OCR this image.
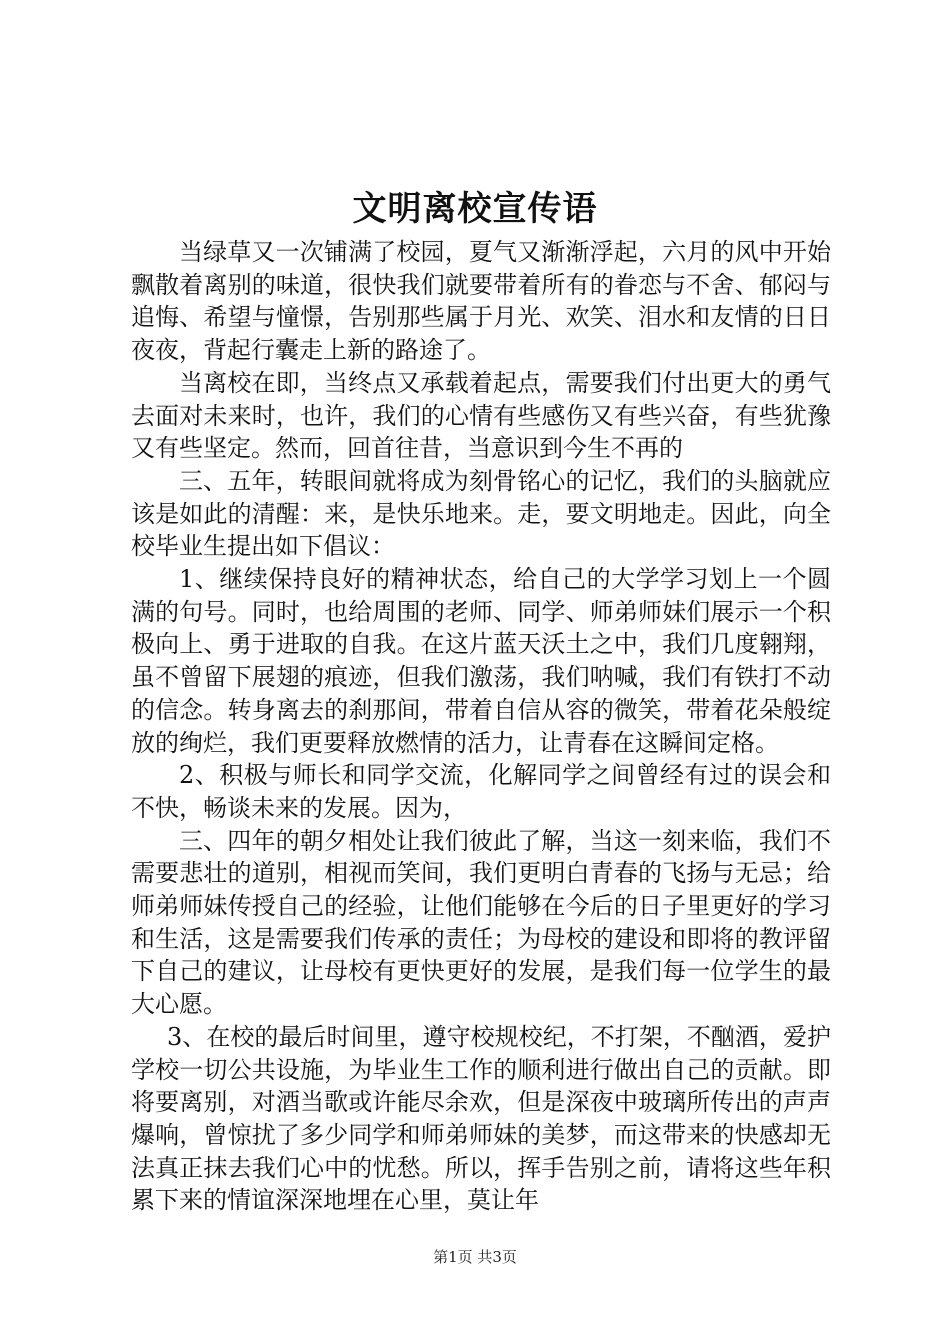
文明离校宣传语

当绿草又一次铺满了校园，夏气又渐渐浮起，六月的风中开始飘散着离别的味道，很快我们就要带着所有的眷恋与不舍、郁闷与追悔、希望与憧憬，告别那些属于月光、欢笑、泪水和友情的日日夜夜，背起行囊走上新的路途了。

当离校在即，当终点又承载着起点，需要我们付出更大的勇气去面对未来时，也许，我们的心情有些感伤又有些兴奋，有些犹豫又有些坚定。然而，回首往昔，当意识到今生不再的

三、五年，转眼间就将成为刻骨铭心的记忆，我们的头脑就应该是如此的清醒：来，是快乐地来。走，要文明地走。因此，向全校毕业生提出如下倡议：

1、继续保持良好的精神状态，给自己的大学学习划上一个圆满的句号。同时，也给周围的老师、同学、师弟师妹们展示一个积极向上、勇于进取的自我。在这片蓝天沃土之中，我们几度翱翔，虽不曾留下展翅的痕迹，但我们激荡，我们呐喊，我们有铁打不动的信念。转身离去的刹那间，带着自信从容的微笑，带着花朵般绽放的绚烂，我们更要释放燃情的活力，让青春在这瞬间定格。

2、积极与师长和同学交流，化解同学之间曾经有过的误会和不快，畅谈未来的发展。因为，

三、四年的朝夕相处让我们彼此了解，当这一刻来临，我们不需要悲壮的道别，相视而笑间，我们更明白青春的飞扬与无忌；给师弟师妹传授自己的经验，让他们能够在今后的日子里更好的学习和生活，这是需要我们传承的责任；为母校的建设和即将的教评留下自己的建议，让母校有更快更好的发展，是我们每一位学生的最大心愿。

3、在校的最后时间里，遵守校规校纪，不打架，不酗酒，爱护学校一切公共设施，为毕业生工作的顺利进行做出自己的贡献。即将要离别，对酒当歌或许能尽余欢，但是深夜中玻璃所传出的声声爆响，曾惊扰了多少同学和师弟师妹的美梦，而这带来的快感却无法真正抹去我们心中的忧愁。所以，挥手告别之前，请将这些年积累下来的情谊深深地埋在心里，莫让年

第1页 共3页
